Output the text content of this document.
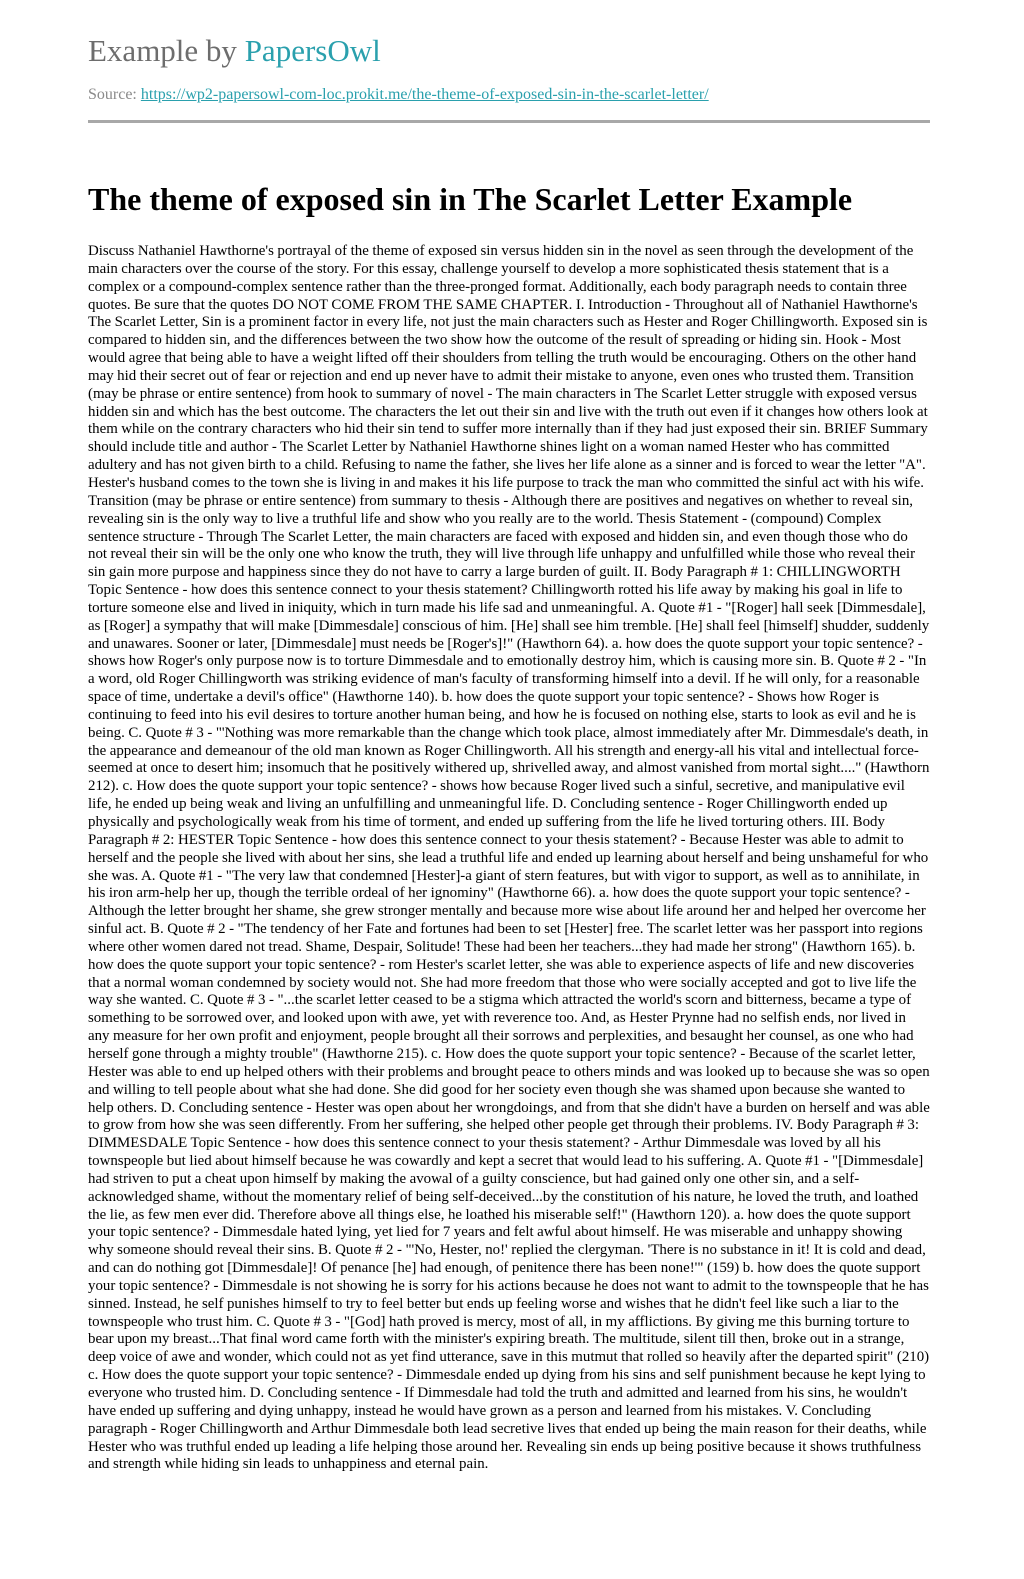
Example by PapersOwl
Source: https://wp2-papersowl-com-loc.prokit.me/the-theme-of-exposed-sin-in-the-scarlet-letter/
The theme of exposed sin in The Scarlet Letter Example

Discuss Nathaniel Hawthorne's portrayal of the theme of exposed sin versus hidden sin in the novel as seen through the development of the main characters over the course of the story. For this essay, challenge yourself to develop a more sophisticated thesis statement that is a complex or a compound-complex sentence rather than the three-pronged format. Additionally, each body paragraph needs to contain three quotes. Be sure that the quotes DO NOT COME FROM THE SAME CHAPTER. I. Introduction - Throughout all of Nathaniel Hawthorne's The Scarlet Letter, Sin is a prominent factor in every life, not just the main characters such as Hester and Roger Chillingworth. Exposed sin is compared to hidden sin, and the differences between the two show how the outcome of the result of spreading or hiding sin. Hook - Most would agree that being able to have a weight lifted off their shoulders from telling the truth would be encouraging. Others on the other hand may hid their secret out of fear or rejection and end up never have to admit their mistake to anyone, even ones who trusted them. Transition (may be phrase or entire sentence) from hook to summary of novel - The main characters in The Scarlet Letter struggle with exposed versus hidden sin and which has the best outcome. The characters the let out their sin and live with the truth out even if it changes how others look at them while on the contrary characters who hid their sin tend to suffer more internally than if they had just exposed their sin. BRIEF Summary should include title and author - The Scarlet Letter by Nathaniel Hawthorne shines light on a woman named Hester who has committed adultery and has not given birth to a child. Refusing to name the father, she lives her life alone as a sinner and is forced to wear the letter "A". Hester's husband comes to the town she is living in and makes it his life purpose to track the man who committed the sinful act with his wife. Transition (may be phrase or entire sentence) from summary to thesis - Although there are positives and negatives on whether to reveal sin, revealing sin is the only way to live a truthful life and show who you really are to the world. Thesis Statement - (compound) Complex sentence structure - Through The Scarlet Letter, the main characters are faced with exposed and hidden sin, and even though those who do not reveal their sin will be the only one who know the truth, they will live through life unhappy and unfulfilled while those who reveal their sin gain more purpose and happiness since they do not have to carry a large burden of guilt. II. Body Paragraph # 1: CHILLINGWORTH Topic Sentence - how does this sentence connect to your thesis statement? Chillingworth rotted his life away by making his goal in life to torture someone else and lived in iniquity, which in turn made his life sad and unmeaningful. A. Quote #1 - "[Roger] hall seek [Dimmesdale], as [Roger] a sympathy that will make [Dimmesdale] conscious of him. [He] shall see him tremble. [He] shall feel [himself] shudder, suddenly and unawares. Sooner or later, [Dimmesdale] must needs be [Roger's]!" (Hawthorn 64). a. how does the quote support your topic sentence? - shows how Roger's only purpose now is to torture Dimmesdale and to emotionally destroy him, which is causing more sin. B. Quote # 2 - "In a word, old Roger Chillingworth was striking evidence of man's faculty of transforming himself into a devil. If he will only, for a reasonable space of time, undertake a devil's office" (Hawthorne 140). b. how does the quote support your topic sentence? - Shows how Roger is continuing to feed into his evil desires to torture another human being, and how he is focused on nothing else, starts to look as evil and he is being. C. Quote # 3 - "'Nothing was more remarkable than the change which took place, almost immediately after Mr. Dimmesdale's death, in the appearance and demeanour of the old man known as Roger Chillingworth. All his strength and energy-all his vital and intellectual force-seemed at once to desert him; insomuch that he positively withered up, shrivelled away, and almost vanished from mortal sight...." (Hawthorn 212). c. How does the quote support your topic sentence? - shows how because Roger lived such a sinful, secretive, and manipulative evil life, he ended up being weak and living an unfulfilling and unmeaningful life. D. Concluding sentence - Roger Chillingworth ended up physically and psychologically weak from his time of torment, and ended up suffering from the life he lived torturing others. III. Body Paragraph # 2: HESTER Topic Sentence - how does this sentence connect to your thesis statement? - Because Hester was able to admit to herself and the people she lived with about her sins, she lead a truthful life and ended up learning about herself and being unshameful for who she was. A. Quote #1 - "The very law that condemned [Hester]-a giant of stern features, but with vigor to support, as well as to annihilate, in his iron arm-help her up, though the terrible ordeal of her ignominy" (Hawthorne 66). a. how does the quote support your topic sentence? - Although the letter brought her shame, she grew stronger mentally and because more wise about life around her and helped her overcome her sinful act. B. Quote # 2 - "The tendency of her Fate and fortunes had been to set [Hester] free. The scarlet letter was her passport into regions where other women dared not tread. Shame, Despair, Solitude! These had been her teachers...they had made her strong" (Hawthorn 165). b. how does the quote support your topic sentence? - rom Hester's scarlet letter, she was able to experience aspects of life and new discoveries that a normal woman condemned by society would not. She had more freedom that those who were socially accepted and got to live life the way she wanted. C. Quote # 3 - "...the scarlet letter ceased to be a stigma which attracted the world's scorn and bitterness, became a type of something to be sorrowed over, and looked upon with awe, yet with reverence too. And, as Hester Prynne had no selfish ends, nor lived in any measure for her own profit and enjoyment, people brought all their sorrows and perplexities, and besaught her counsel, as one who had herself gone through a mighty trouble" (Hawthorne 215). c. How does the quote support your topic sentence? - Because of the scarlet letter, Hester was able to end up helped others with their problems and brought peace to others minds and was looked up to because she was so open and willing to tell people about what she had done. She did good for her society even though she was shamed upon because she wanted to help others. D. Concluding sentence - Hester was open about her wrongdoings, and from that she didn't have a burden on herself and was able to grow from how she was seen differently. From her suffering, she helped other people get through their problems. IV. Body Paragraph # 3: DIMMESDALE Topic Sentence - how does this sentence connect to your thesis statement? - Arthur Dimmesdale was loved by all his townspeople but lied about himself because he was cowardly and kept a secret that would lead to his suffering. A. Quote #1 - "[Dimmesdale] had striven to put a cheat upon himself by making the avowal of a guilty conscience, but had gained only one other sin, and a self-acknowledged shame, without the momentary relief of being self-deceived...by the constitution of his nature, he loved the truth, and loathed the lie, as few men ever did. Therefore above all things else, he loathed his miserable self!" (Hawthorn 120). a. how does the quote support your topic sentence? - Dimmesdale hated lying, yet lied for 7 years and felt awful about himself. He was miserable and unhappy showing why someone should reveal their sins. B. Quote # 2 - "'No, Hester, no!' replied the clergyman. 'There is no substance in it! It is cold and dead, and can do nothing got [Dimmesdale]! Of penance [he] had enough, of penitence there has been none!'" (159) b. how does the quote support your topic sentence? - Dimmesdale is not showing he is sorry for his actions because he does not want to admit to the townspeople that he has sinned. Instead, he self punishes himself to try to feel better but ends up feeling worse and wishes that he didn't feel like such a liar to the townspeople who trust him. C. Quote # 3 - "[God] hath proved is mercy, most of all, in my afflictions. By giving me this burning torture to bear upon my breast...That final word came forth with the minister's expiring breath. The multitude, silent till then, broke out in a strange, deep voice of awe and wonder, which could not as yet find utterance, save in this mutmut that rolled so heavily after the departed spirit" (210) c. How does the quote support your topic sentence? - Dimmesdale ended up dying from his sins and self punishment because he kept lying to everyone who trusted him. D. Concluding sentence - If Dimmesdale had told the truth and admitted and learned from his sins, he wouldn't have ended up suffering and dying unhappy, instead he would have grown as a person and learned from his mistakes. V. Concluding paragraph - Roger Chillingworth and Arthur Dimmesdale both lead secretive lives that ended up being the main reason for their deaths, while Hester who was truthful ended up leading a life helping those around her. Revealing sin ends up being positive because it shows truthfulness and strength while hiding sin leads to unhappiness and eternal pain.
